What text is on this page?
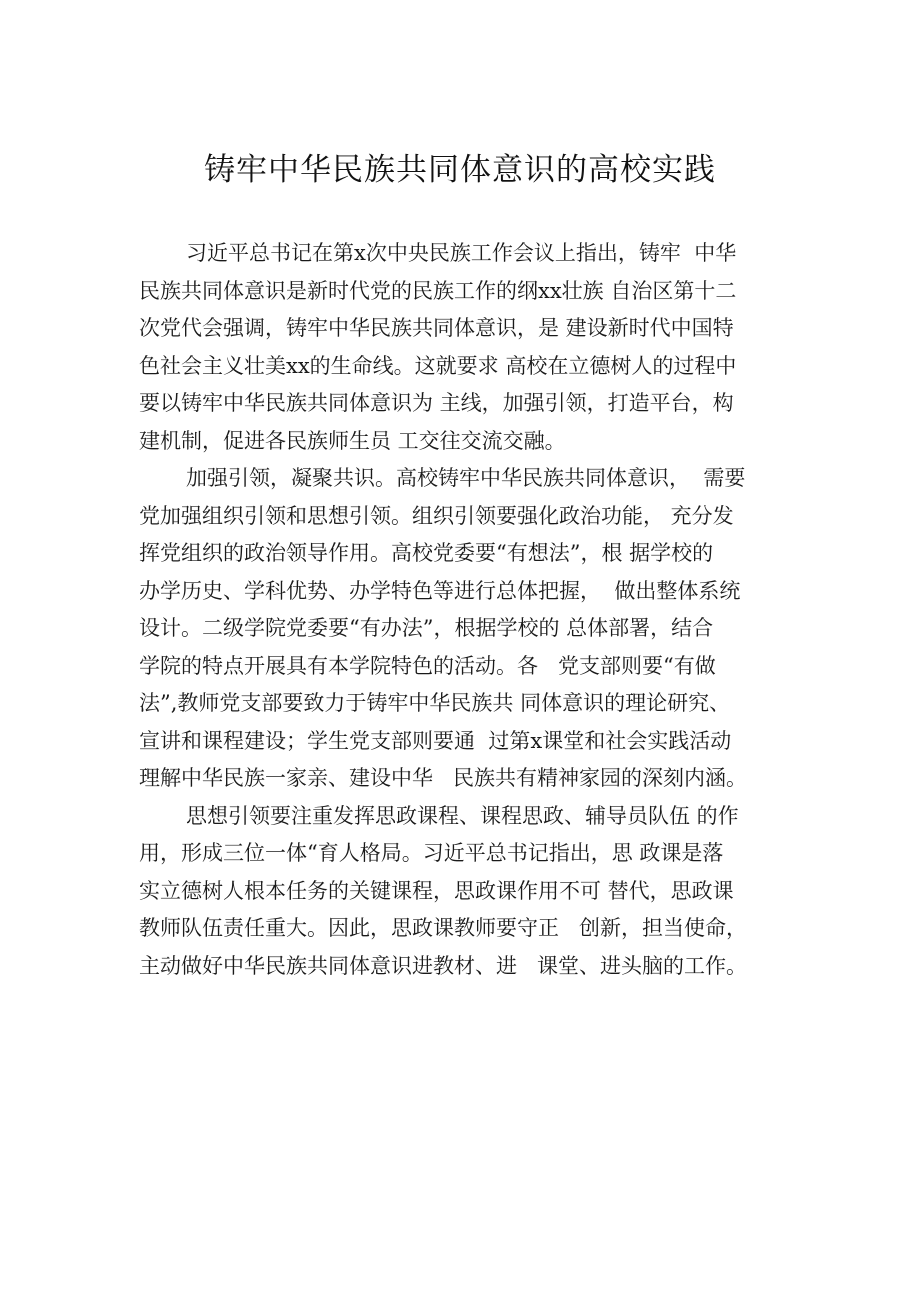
铸牢中华民族共同体意识的高校实践
习近平总书记在第x次中央民族工作会议上指出，铸牢  中华
民族共同体意识是新时代党的民族工作的纲xx壮族 自治区第十二
次党代会强调，铸牢中华民族共同体意识，是 建设新时代中国特
色社会主义壮美xx的生命线。这就要求 高校在立德树人的过程中
要以铸牢中华民族共同体意识为 主线，加强引领，打造平台，构
建机制，促进各民族师生员 工交往交流交融。
加强引领，凝聚共识。高校铸牢中华民族共同体意识，  需要
党加强组织引领和思想引领。组织引领要强化政治功能， 充分发
挥党组织的政治领导作用。高校党委要“有想法”，根 据学校的
办学历史、学科优势、办学特色等进行总体把握，  做出整体系统
设计。二级学院党委要“有办法”，根据学校的 总体部署，结合
学院的特点开展具有本学院特色的活动。各   党支部则要“有做
法”,教师党支部要致力于铸牢中华民族共 同体意识的理论研究、
宣讲和课程建设；学生党支部则要通  过第x课堂和社会实践活动
理解中华民族一家亲、建设中华   民族共有精神家园的深刻内涵。
思想引领要注重发挥思政课程、课程思政、辅导员队伍 的作
用，形成三位一体“育人格局。习近平总书记指出，思 政课是落
实立德树人根本任务的关键课程，思政课作用不可 替代，思政课
教师队伍责任重大。因此，思政课教师要守正   创新，担当使命，
主动做好中华民族共同体意识进教材、进   课堂、进头脑的工作。
